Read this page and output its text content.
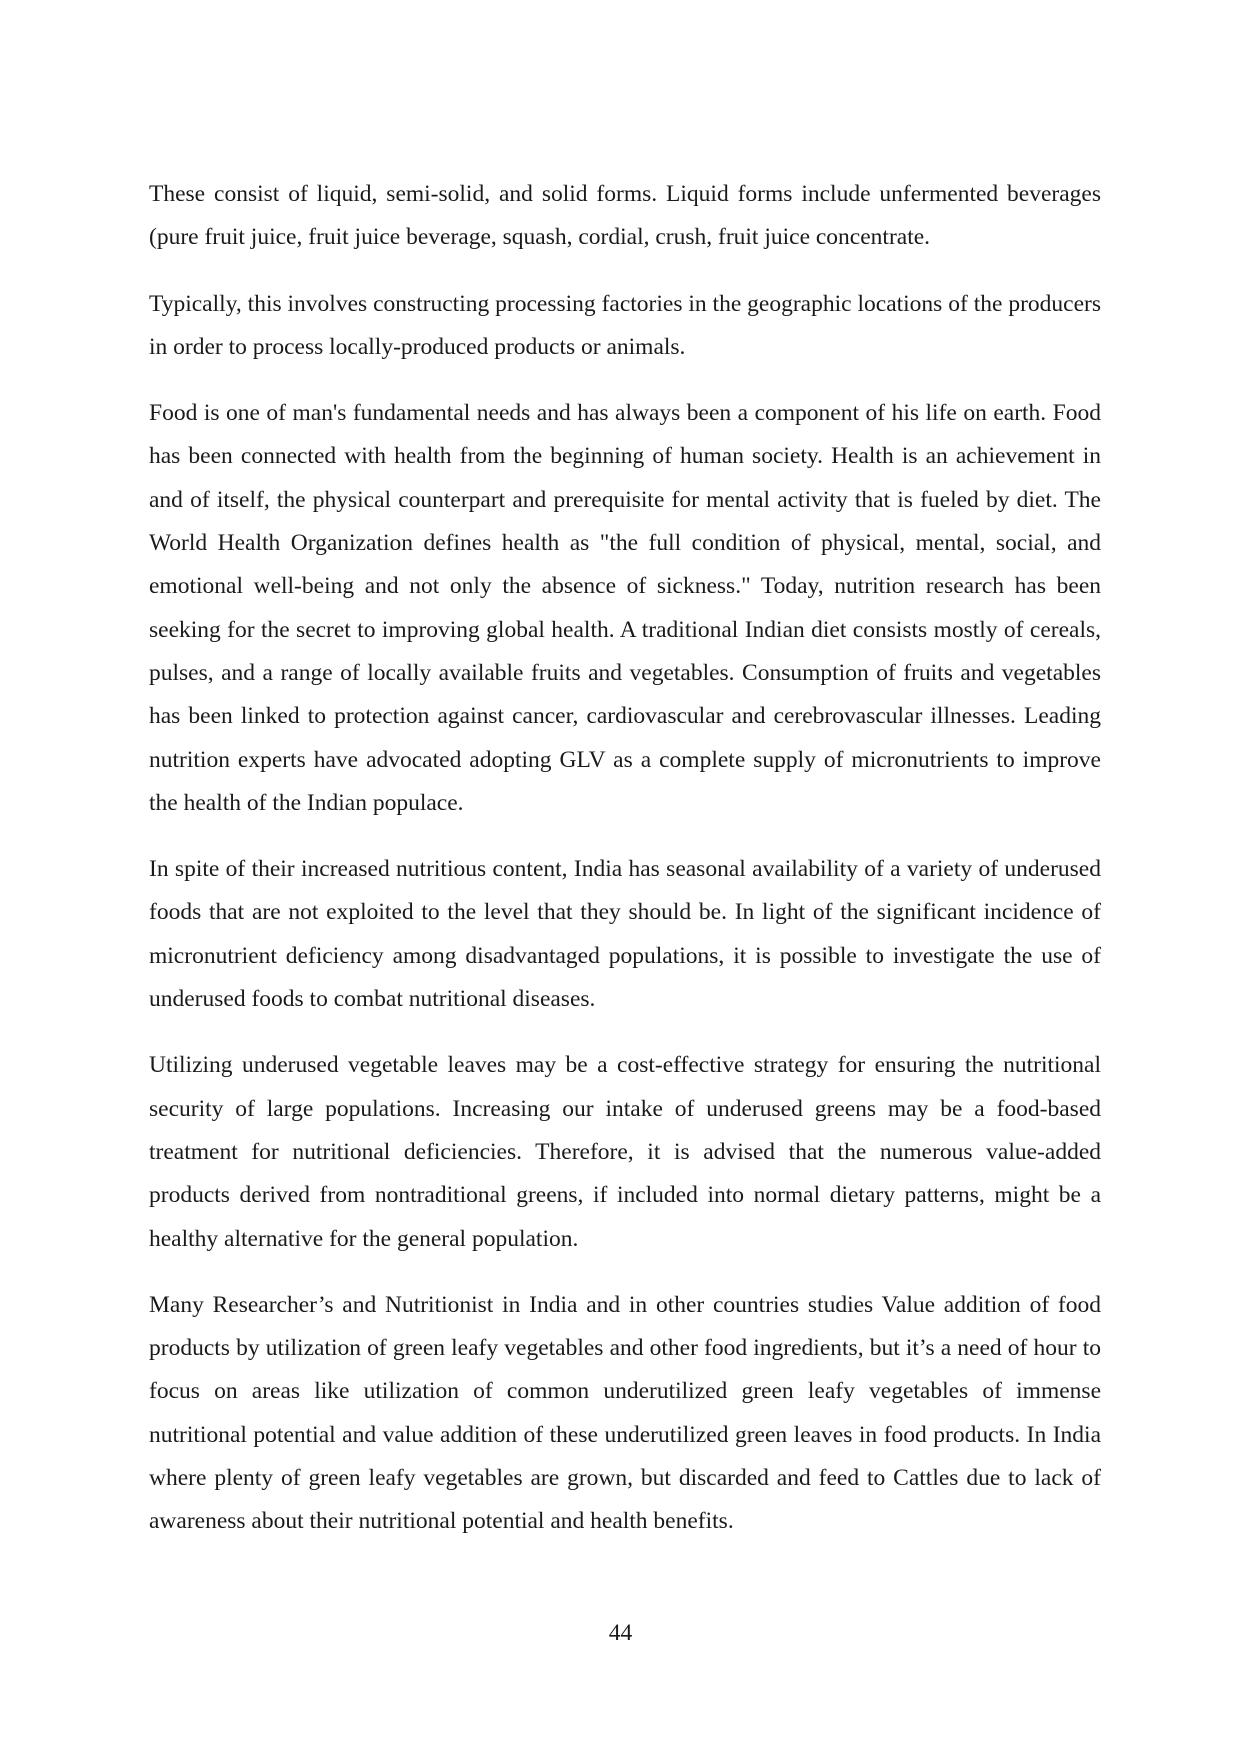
These consist of liquid, semi-solid, and solid forms. Liquid forms include unfermented beverages (pure fruit juice, fruit juice beverage, squash, cordial, crush, fruit juice concentrate.

Typically, this involves constructing processing factories in the geographic locations of the producers in order to process locally-produced products or animals.

Food is one of man's fundamental needs and has always been a component of his life on earth. Food has been connected with health from the beginning of human society. Health is an achievement in and of itself, the physical counterpart and prerequisite for mental activity that is fueled by diet. The World Health Organization defines health as "the full condition of physical, mental, social, and emotional well-being and not only the absence of sickness." Today, nutrition research has been seeking for the secret to improving global health. A traditional Indian diet consists mostly of cereals, pulses, and a range of locally available fruits and vegetables. Consumption of fruits and vegetables has been linked to protection against cancer, cardiovascular and cerebrovascular illnesses. Leading nutrition experts have advocated adopting GLV as a complete supply of micronutrients to improve the health of the Indian populace.

In spite of their increased nutritious content, India has seasonal availability of a variety of underused foods that are not exploited to the level that they should be. In light of the significant incidence of micronutrient deficiency among disadvantaged populations, it is possible to investigate the use of underused foods to combat nutritional diseases.

Utilizing underused vegetable leaves may be a cost-effective strategy for ensuring the nutritional security of large populations. Increasing our intake of underused greens may be a food-based treatment for nutritional deficiencies. Therefore, it is advised that the numerous value-added products derived from nontraditional greens, if included into normal dietary patterns, might be a healthy alternative for the general population.

Many Researcher’s and Nutritionist in India and in other countries studies Value addition of food products by utilization of green leafy vegetables and other food ingredients, but it’s a need of hour to focus on areas like utilization of common underutilized green leafy vegetables of immense nutritional potential and value addition of these underutilized green leaves in food products. In India where plenty of green leafy vegetables are grown, but discarded and feed to Cattles due to lack of awareness about their nutritional potential and health benefits.

44
